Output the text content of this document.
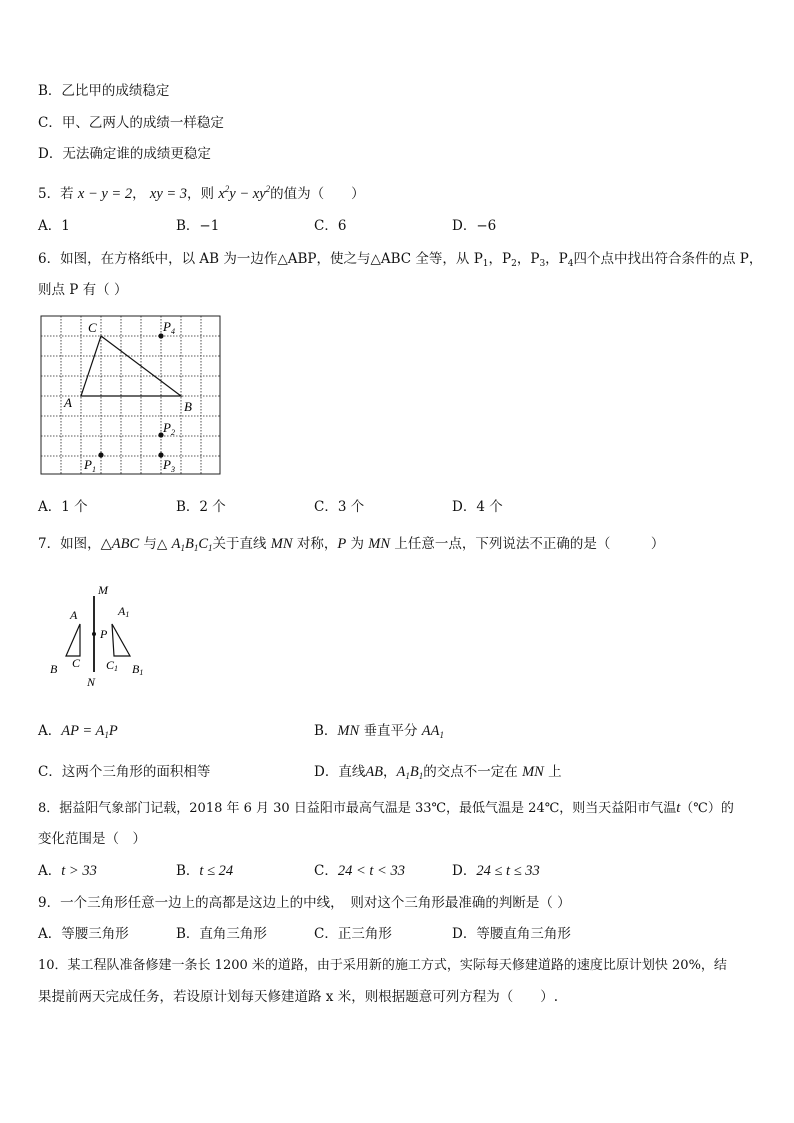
B．乙比甲的成绩稳定
C．甲、乙两人的成绩一样稳定
D．无法确定谁的成绩更稳定
5．若 x − y = 2， xy = 3，则 $x^2y - xy^2$的值为（　　）
A．1	B．−1	C．6	D．−6
6．如图，在方格纸中，以 AB 为一边作△ABP，使之与△ABC 全等，从 $P_1$，$P_2$，$P_3$，$P_4$四个点中找出符合条件的点 P，
则点 P 有（ ）
C
A	B
$P_4$
$P_2$
$P_1$	$P_3$
A．1 个	B．2 个	C．3 个	D．4 个
7．如图，△ABC 与△ $A_1B_1C_1$关于直线 MN 对称，P 为 MN 上任意一点，下列说法不正确的是（　　　）
M
N
A
B C
P
A1
C1 B1
A．AP = $A_1P$	B．MN 垂直平分 $AA_1$
C．这两个三角形的面积相等	D．直线AB，$A_1B_1$的交点不一定在 MN 上
8．据益阳气象部门记载，2018 年 6 月 30 日益阳市最高气温是 33℃，最低气温是 24℃，则当天益阳市气温t（℃）的
变化范围是（　）
A．t > 33	B．t ≤ 24	C．24 < t < 33	D．24 ≤ t ≤ 33
9．一个三角形任意一边上的高都是这边上的中线，　则对这个三角形最准确的判断是（ ）
A．等腰三角形	B．直角三角形	C．正三角形	D．等腰直角三角形
10．某工程队准备修建一条长 1200 米的道路，由于采用新的施工方式，实际每天修建道路的速度比原计划快 20%，结
果提前两天完成任务，若设原计划每天修建道路 x 米，则根据题意可列方程为（　　）.
